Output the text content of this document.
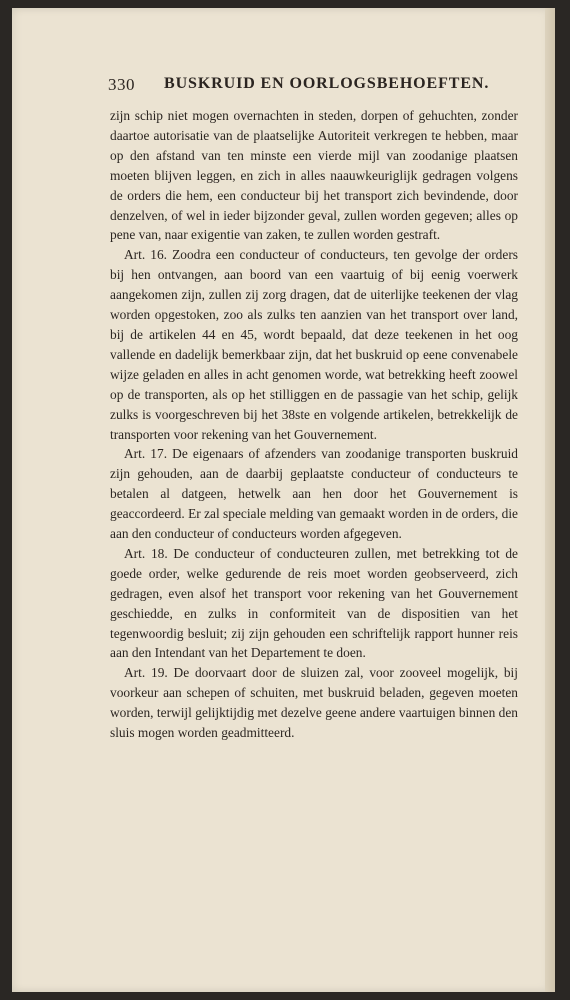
330 BUSKRUID EN OORLOGSBEHOEFTEN.

zijn schip niet mogen overnachten in steden, dorpen of gehuchten, zonder daartoe autorisatie van de plaatselijke Autoriteit verkregen te hebben, maar op den afstand van ten minste een vierde mijl van zoodanige plaatsen moeten blijven leggen, en zich in alles naauwkeuriglijk gedragen volgens de orders die hem, een conducteur bij het transport zich bevindende, door denzelven, of wel in ieder bijzonder geval, zullen worden gegeven; alles op pene van, naar exigentie van zaken, te zullen worden gestraft.

Art. 16. Zoodra een conducteur of conducteurs, ten gevolge der orders bij hen ontvangen, aan boord van een vaartuig of bij eenig voerwerk aangekomen zijn, zullen zij zorg dragen, dat de uiterlijke teekenen der vlag worden opgestoken, zoo als zulks ten aanzien van het transport over land, bij de artikelen 44 en 45, wordt bepaald, dat deze teekenen in het oog vallende en dadelijk bemerkbaar zijn, dat het buskruid op eene convenabele wijze geladen en alles in acht genomen worde, wat betrekking heeft zoowel op de transporten, als op het stilliggen en de passagie van het schip, gelijk zulks is voorgeschreven bij het 38ste en volgende artikelen, betrekkelijk de transporten voor rekening van het Gouvernement.

Art. 17. De eigenaars of afzenders van zoodanige transporten buskruid zijn gehouden, aan de daarbij geplaatste conducteur of conducteurs te betalen al datgeen, hetwelk aan hen door het Gouvernement is geaccordeerd. Er zal speciale melding van gemaakt worden in de orders, die aan den conducteur of conducteurs worden afgegeven.

Art. 18. De conducteur of conducteuren zullen, met betrekking tot de goede order, welke gedurende de reis moet worden geobserveerd, zich gedragen, even alsof het transport voor rekening van het Gouvernement geschiedde, en zulks in conformiteit van de dispositien van het tegenwoordig besluit; zij zijn gehouden een schriftelijk rapport hunner reis aan den Intendant van het Departement te doen.

Art. 19. De doorvaart door de sluizen zal, voor zooveel mogelijk, bij voorkeur aan schepen of schuiten, met buskruid beladen, gegeven moeten worden, terwijl gelijktijdig met dezelve geene andere vaartuigen binnen den sluis mogen worden geadmitteerd.
